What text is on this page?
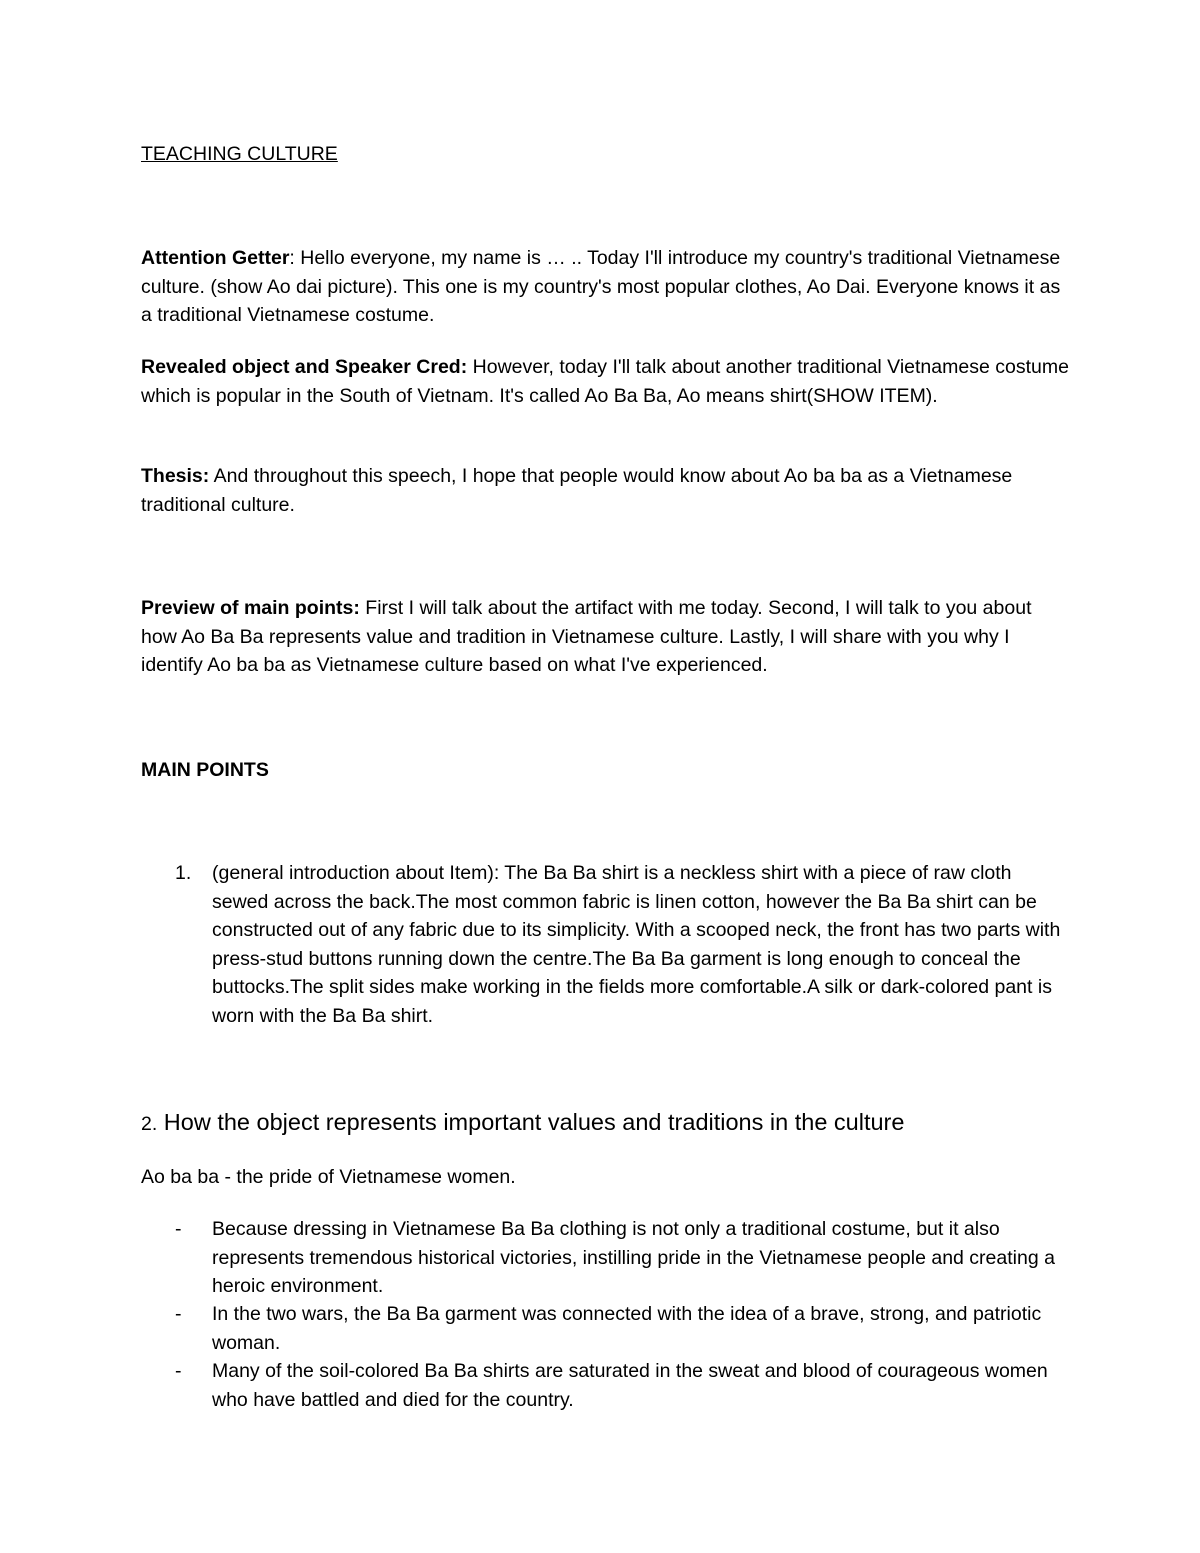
TEACHING CULTURE

Attention Getter: Hello everyone, my name is … .. Today I'll introduce my country's traditional Vietnamese culture. (show Ao dai picture). This one is my country's most popular clothes, Ao Dai. Everyone knows it as a traditional Vietnamese costume.

Revealed object and Speaker Cred: However, today I'll talk about another traditional Vietnamese costume which is popular in the South of Vietnam. It's called Ao Ba Ba, Ao means shirt(SHOW ITEM).

Thesis: And throughout this speech, I hope that people would know about Ao ba ba as a Vietnamese traditional culture.

Preview of main points: First I will talk about the artifact with me today. Second, I will talk to you about how Ao Ba Ba represents value and tradition in Vietnamese culture. Lastly, I will share with you why I identify Ao ba ba as Vietnamese culture based on what I've experienced.

MAIN POINTS

1.	(general introduction about Item): The Ba Ba shirt is a neckless shirt with a piece of raw cloth sewed across the back.The most common fabric is linen cotton, however the Ba Ba shirt can be constructed out of any fabric due to its simplicity. With a scooped neck, the front has two parts with press-stud buttons running down the centre.The Ba Ba garment is long enough to conceal the buttocks.The split sides make working in the fields more comfortable.A silk or dark-colored pant is worn with the Ba Ba shirt.
2. How the object represents important values and traditions in the culture

Ao ba ba - the pride of Vietnamese women.

- Because dressing in Vietnamese Ba Ba clothing is not only a traditional costume, but it also represents tremendous historical victories, instilling pride in the Vietnamese people and creating a heroic environment.
- In the two wars, the Ba Ba garment was connected with the idea of a brave, strong, and patriotic woman.
- Many of the soil-colored Ba Ba shirts are saturated in the sweat and blood of courageous women who have battled and died for the country.
